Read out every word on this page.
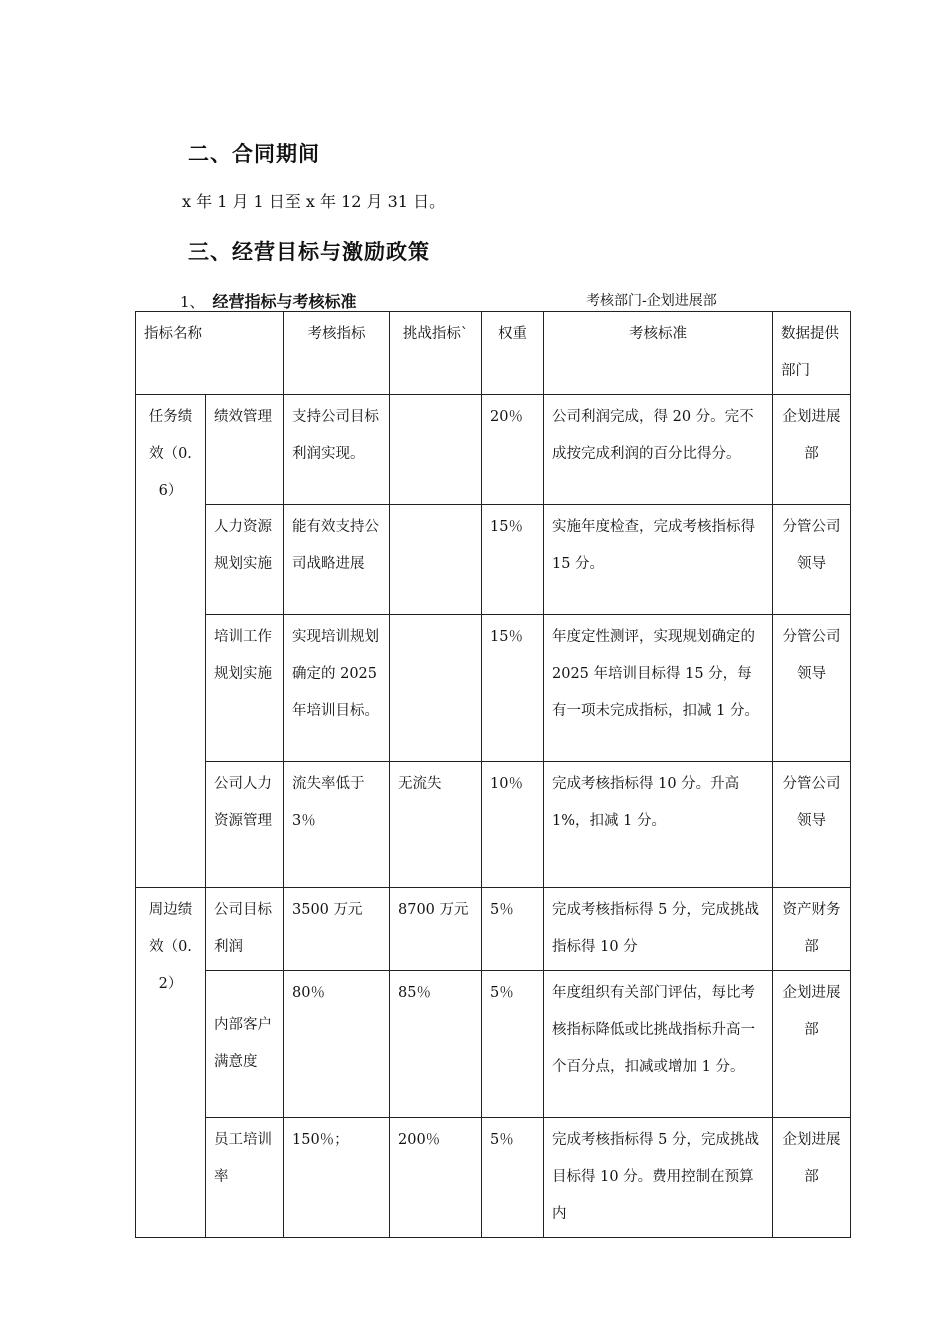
二、合同期间
x 年 1 月 1 日至 x 年 12 月 31 日。
三、经营目标与激励政策
1、 经营指标与考核标准	考核部门-企划进展部
指标名称		考核指标	挑战指标`	权重	考核标准	数据提供部门
任务绩效（0.6）	绩效管理	支持公司目标利润实现。		20％	公司利润完成，得 20 分。完不成按完成利润的百分比得分。	企划进展部
	人力资源规划实施	能有效支持公司战略进展		15％	实施年度检查，完成考核指标得 15 分。	分管公司领导
	培训工作规划实施	实现培训规划确定的 2025 年培训目标。		15％	年度定性测评，实现规划确定的 2025 年培训目标得 15 分，每有一项未完成指标，扣减 1 分。	分管公司领导
	公司人力资源管理	流失率低于 3％	无流失	10％	完成考核指标得 10 分。升高 1%，扣减 1 分。	分管公司领导
周边绩效（0.2）	公司目标利润	3500 万元	8700 万元	5％	完成考核指标得 5 分，完成挑战指标得 10 分	资产财务部
	内部客户满意度	80％	85％	5％	年度组织有关部门评估，每比考核指标降低或比挑战指标升高一个百分点，扣减或增加 1 分。	企划进展部
	员工培训率	150％；	200％	5％	完成考核指标得 5 分，完成挑战目标得 10 分。费用控制在预算内	企划进展部
